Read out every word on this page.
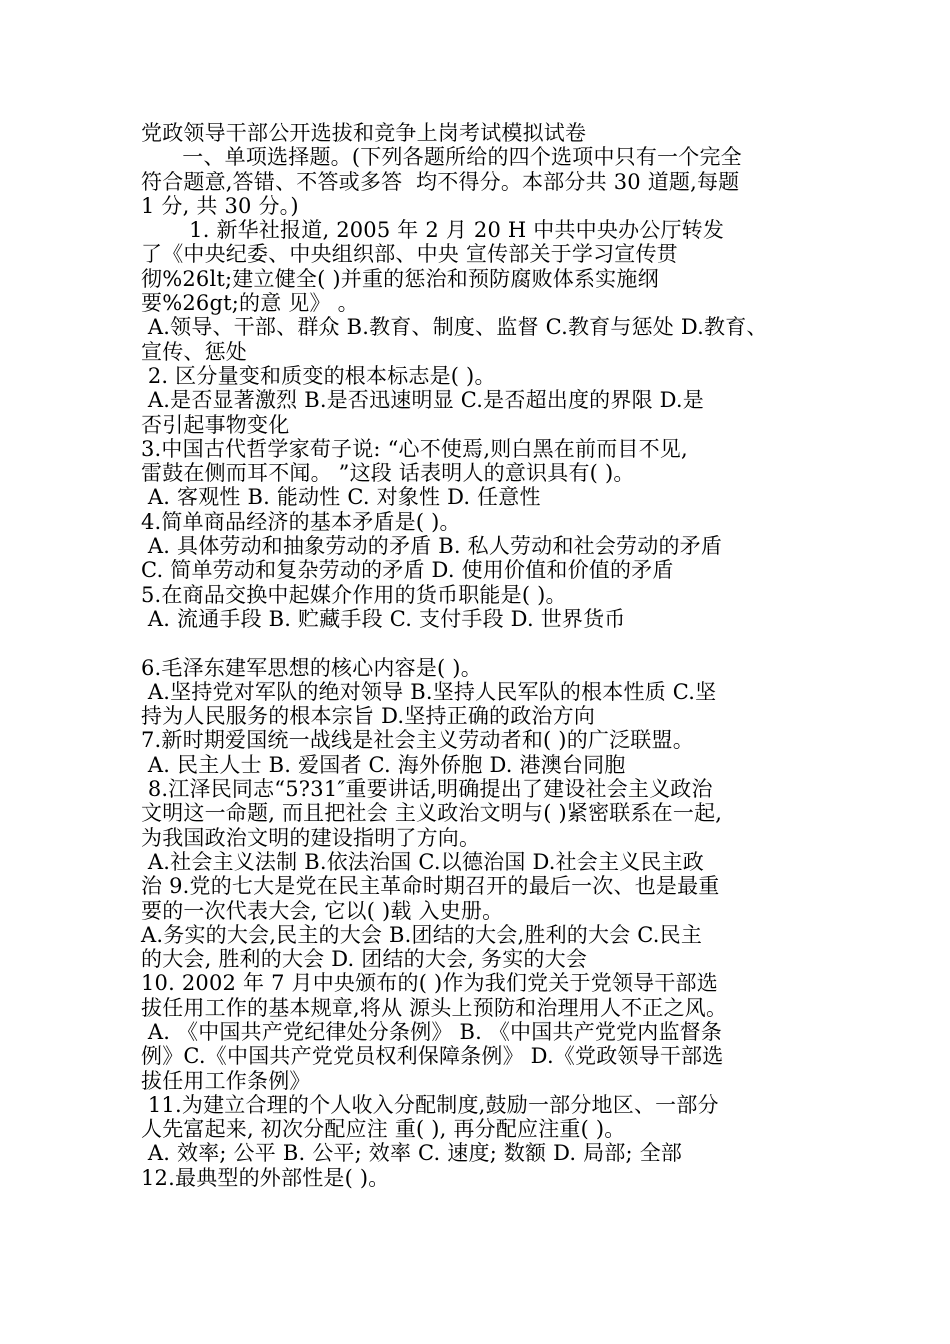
党政领导干部公开选拔和竞争上岗考试模拟试卷
一、单项选择题。(下列各题所给的四个选项中只有一个完全
符合题意,答错、不答或多答  均不得分。本部分共 30 道题,每题
1 分, 共 30 分。)
1. 新华社报道, 2005 年 2 月 20 H 中共中央办公厅转发
了《中央纪委、中央组织部、中央 宣传部关于学习宣传贯
彻%26lt;建立健全( )并重的惩治和预防腐败体系实施纲
要%26gt;的意 见》 。
A.领导、干部、群众 B.教育、制度、监督 C.教育与惩处 D.教育、
宣传、惩处
2. 区分量变和质变的根本标志是( )。
A.是否显著激烈 B.是否迅速明显 C.是否超出度的界限 D.是
否引起事物变化
3.中国古代哲学家荀子说: “心不使焉,则白黑在前而目不见,
雷鼓在侧而耳不闻。 ”这段 话表明人的意识具有( )。
A. 客观性 B. 能动性 C. 对象性 D. 任意性
4.简单商品经济的基本矛盾是( )。
A. 具体劳动和抽象劳动的矛盾 B. 私人劳动和社会劳动的矛盾
C. 简单劳动和复杂劳动的矛盾 D. 使用价值和价值的矛盾
5.在商品交换中起媒介作用的货币职能是( )。
A. 流通手段 B. 贮藏手段 C. 支付手段 D. 世界货币
6.毛泽东建军思想的核心内容是( )。
A.坚持党对军队的绝对领导 B.坚持人民军队的根本性质 C.坚
持为人民服务的根本宗旨 D.坚持正确的政治方向
7.新时期爱国统一战线是社会主义劳动者和( )的广泛联盟。
A. 民主人士 B. 爱国者 C. 海外侨胞 D. 港澳台同胞
8.江泽民同志“5?31″重要讲话,明确提出了建设社会主义政治
文明这一命题, 而且把社会 主义政治文明与( )紧密联系在一起,
为我国政治文明的建设指明了方向。
A.社会主义法制 B.依法治国 C.以德治国 D.社会主义民主政
治 9.党的七大是党在民主革命时期召开的最后一次、也是最重
要的一次代表大会, 它以( )载 入史册。
A.务实的大会,民主的大会 B.团结的大会,胜利的大会 C.民主
的大会, 胜利的大会 D. 团结的大会, 务实的大会
10. 2002 年 7 月中央颁布的( )作为我们党关于党领导干部选
拔任用工作的基本规章,将从 源头上预防和治理用人不正之风。
A. 《中国共产党纪律处分条例》 B. 《中国共产党党内监督条
例》C.《中国共产党党员权利保障条例》 D.《党政领导干部选
拔任用工作条例》
11.为建立合理的个人收入分配制度,鼓励一部分地区、一部分
人先富起来, 初次分配应注 重( ), 再分配应注重( )。
A. 效率; 公平 B. 公平; 效率 C. 速度; 数额 D. 局部; 全部
12.最典型的外部性是( )。
